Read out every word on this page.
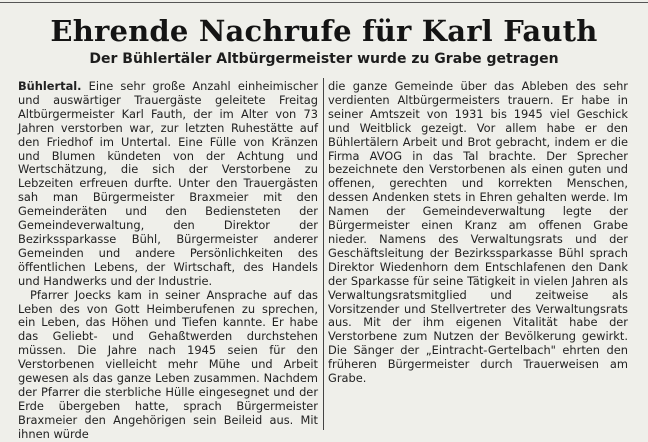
Ehrende Nachrufe für Karl Fauth
Der Bühlertäler Altbürgermeister wurde zu Grabe getragen

Bühlertal. Eine sehr große Anzahl einheimischer und auswärtiger Trauergäste geleitete Freitag Altbürgermeister Karl Fauth, der im Alter von 73 Jahren verstorben war, zur letzten Ruhestätte auf den Friedhof im Untertal. Eine Fülle von Kränzen und Blumen kündeten von der Achtung und Wertschätzung, die sich der Verstorbene zu Lebzeiten erfreuen durfte. Unter den Trauergästen sah man Bürgermeister Braxmeier mit den Gemeinderäten und den Bediensteten der Gemeindeverwaltung, den Direktor der Bezirkssparkasse Bühl, Bürgermeister anderer Gemeinden und andere Persönlichkeiten des öffentlichen Lebens, der Wirtschaft, des Handels und Handwerks und der Industrie.

Pfarrer Joecks kam in seiner Ansprache auf das Leben des von Gott Heimberufenen zu sprechen, ein Leben, das Höhen und Tiefen kannte. Er habe das Geliebt- und Gehaßtwerden durchstehen müssen. Die Jahre nach 1945 seien für den Verstorbenen vielleicht mehr Mühe und Arbeit gewesen als das ganze Leben zusammen. Nachdem der Pfarrer die sterbliche Hülle eingesegnet und der Erde übergeben hatte, sprach Bürgermeister Braxmeier den Angehörigen sein Beileid aus. Mit ihnen würde

die ganze Gemeinde über das Ableben des sehr verdienten Altbürgermeisters trauern. Er habe in seiner Amtszeit von 1931 bis 1945 viel Geschick und Weitblick gezeigt. Vor allem habe er den Bühlertälern Arbeit und Brot gebracht, indem er die Firma AVOG in das Tal brachte. Der Sprecher bezeichnete den Verstorbenen als einen guten und offenen, gerechten und korrekten Menschen, dessen Andenken stets in Ehren gehalten werde. Im Namen der Gemeindeverwaltung legte der Bürgermeister einen Kranz am offenen Grabe nieder. Namens des Verwaltungsrats und der Geschäftsleitung der Bezirkssparkasse Bühl sprach Direktor Wiedenhorn dem Entschlafenen den Dank der Sparkasse für seine Tätigkeit in vielen Jahren als Verwaltungsratsmitglied und zeitweise als Vorsitzender und Stellvertreter des Verwaltungsrats aus. Mit der ihm eigenen Vitalität habe der Verstorbene zum Nutzen der Bevölkerung gewirkt. Die Sänger der „Eintracht-Gertelbach" ehrten den früheren Bürgermeister durch Trauerweisen am Grabe.
